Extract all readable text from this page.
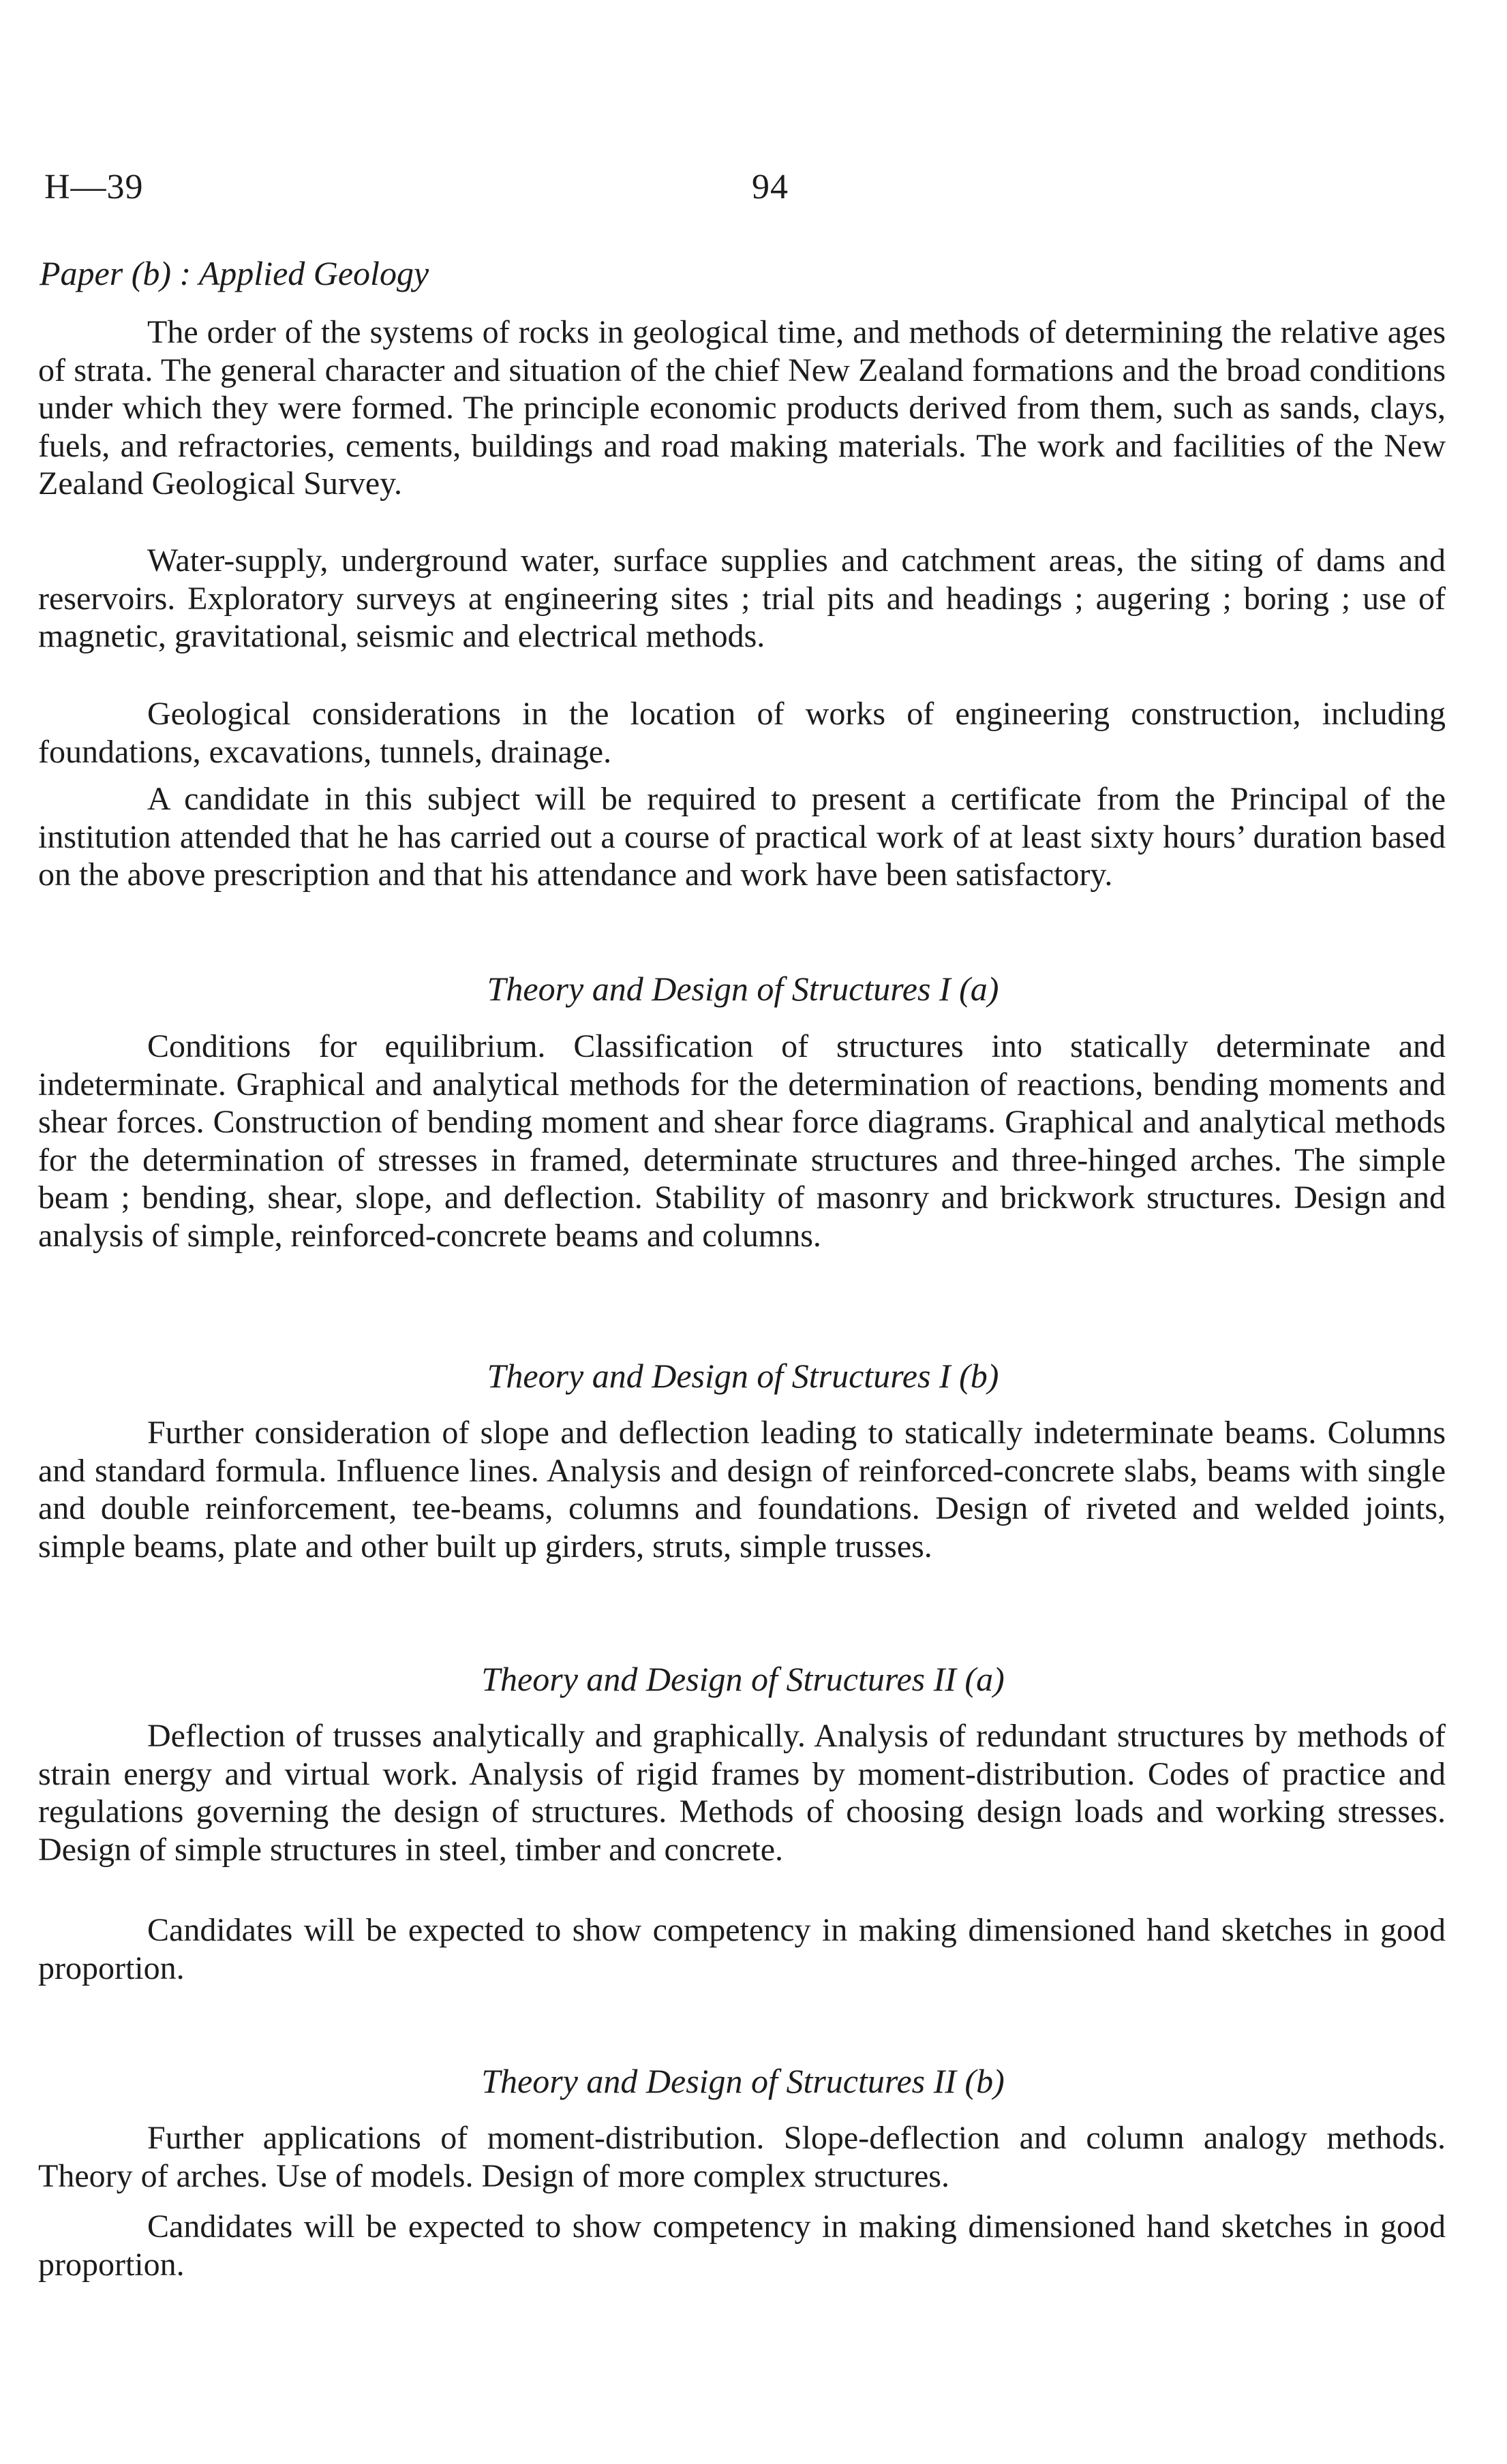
H—39	94
Paper (b) : Applied Geology

The order of the systems of rocks in geological time, and methods of determining the relative ages of strata. The general character and situation of the chief New Zealand formations and the broad conditions under which they were formed. The principle economic products derived from them, such as sands, clays, fuels, and refractories, cements, buildings and road making materials. The work and facilities of the New Zealand Geological Survey.

Water-supply, underground water, surface supplies and catchment areas, the siting of dams and reservoirs. Exploratory surveys at engineering sites ; trial pits and headings ; augering ; boring ; use of magnetic, gravitational, seismic and electrical methods.

Geological considerations in the location of works of engineering construction, including foundations, excavations, tunnels, drainage.

A candidate in this subject will be required to present a certificate from the Principal of the institution attended that he has carried out a course of practical work of at least sixty hours’ duration based on the above prescription and that his attendance and work have been satisfactory.

Theory and Design of Structures I (a)

Conditions for equilibrium. Classification of structures into statically determinate and indeterminate. Graphical and analytical methods for the determination of reactions, bending moments and shear forces. Construction of bending moment and shear force diagrams. Graphical and analytical methods for the determination of stresses in framed, determinate structures and three-hinged arches. The simple beam ; bending, shear, slope, and deflection. Stability of masonry and brickwork structures. Design and analysis of simple, reinforced-concrete beams and columns.

Theory and Design of Structures I (b)

Further consideration of slope and deflection leading to statically indeterminate beams. Columns and standard formula. Influence lines. Analysis and design of reinforced-concrete slabs, beams with single and double reinforcement, tee-beams, columns and foundations. Design of riveted and welded joints, simple beams, plate and other built up girders, struts, simple trusses.

Theory and Design of Structures II (a)

Deflection of trusses analytically and graphically. Analysis of redundant structures by methods of strain energy and virtual work. Analysis of rigid frames by moment-distribution. Codes of practice and regulations governing the design of structures. Methods of choosing design loads and working stresses. Design of simple structures in steel, timber and concrete.

Candidates will be expected to show competency in making dimensioned hand sketches in good proportion.

Theory and Design of Structures II (b)

Further applications of moment-distribution. Slope-deflection and column analogy methods. Theory of arches. Use of models. Design of more complex structures.

Candidates will be expected to show competency in making dimensioned hand sketches in good proportion.
